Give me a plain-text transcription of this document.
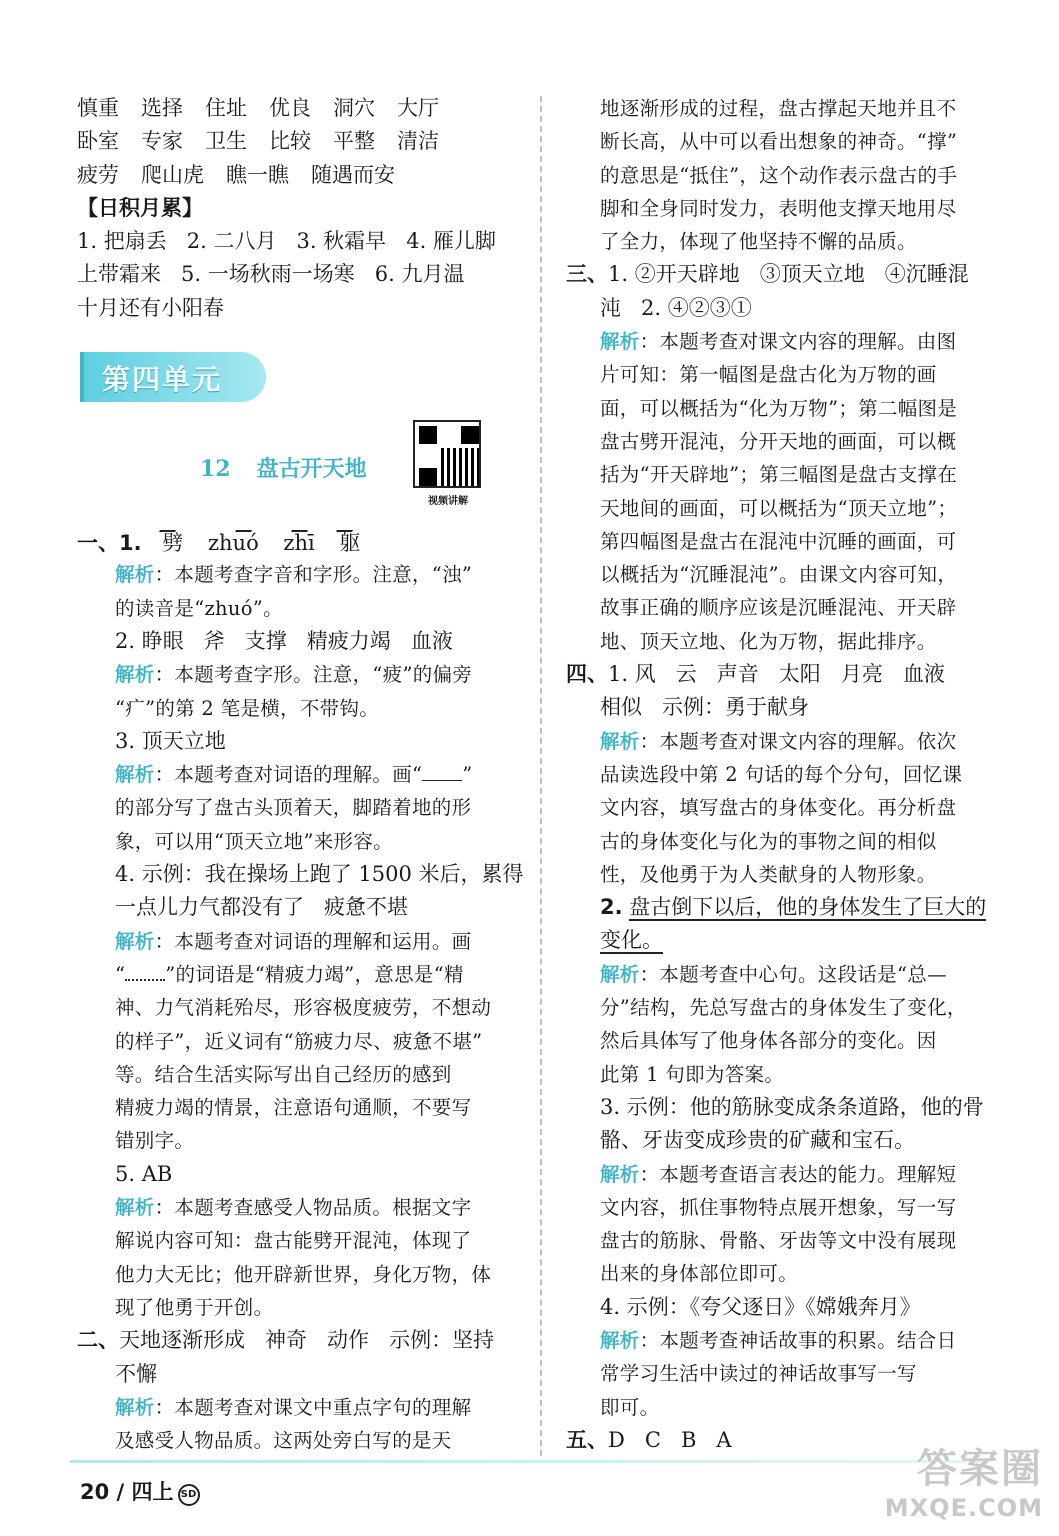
第四单元
12 盘古开天地
视频讲解
慎重 选择 住址 优良 洞穴 大厅
卧室 专家 卫生 比较 平整 清洁
疲劳 爬山虎 瞧一瞧 随遇而安
【日积月累】
1. 把扇丢   2. 二八月   3. 秋霜早   4. 雁儿脚
上带霜来   5. 一场秋雨一场寒   6. 九月温
十月还有小阳春
一、1. 劈 zhuó zhī 躯
解析：本题考查字音和字形。注意，“浊”
的读音是“zhuó”。
2. 睁眼   斧   支撑   精疲力竭   血液
解析：本题考查字形。注意，“疲”的偏旁
“疒”的第 2 笔是横，不带钩。
3. 顶天立地
解析：本题考查对词语的理解。画“ ”
的部分写了盘古头顶着天，脚踏着地的形
象，可以用“顶天立地”来形容。
4. 示例：我在操场上跑了 1500 米后，累得
一点儿力气都没有了   疲惫不堪
解析：本题考查对词语的理解和运用。画
“ ”的词语是“精疲力竭”，意思是“精
神、力气消耗殆尽，形容极度疲劳，不想动
的样子”，近义词有“筋疲力尽、疲惫不堪”
等。结合生活实际写出自己经历的感到
精疲力竭的情景，注意语句通顺，不要写
错别字。
5. AB
解析：本题考查感受人物品质。根据文字
解说内容可知：盘古能劈开混沌，体现了
他力大无比；他开辟新世界，身化万物，体
现了他勇于开创。
二、天地逐渐形成   神奇   动作   示例：坚持
不懈
解析：本题考查对课文中重点字句的理解
及感受人物品质。这两处旁白写的是天
地逐渐形成的过程，盘古撑起天地并且不
断长高，从中可以看出想象的神奇。“撑”
的意思是“抵住”，这个动作表示盘古的手
脚和全身同时发力，表明他支撑天地用尽
了全力，体现了他坚持不懈的品质。
三、1. ②开天辟地   ③顶天立地   ④沉睡混
沌   2. ④②③①
解析：本题考查对课文内容的理解。由图
片可知：第一幅图是盘古化为万物的画
面，可以概括为“化为万物”；第二幅图是
盘古劈开混沌，分开天地的画面，可以概
括为“开天辟地”；第三幅图是盘古支撑在
天地间的画面，可以概括为“顶天立地”；
第四幅图是盘古在混沌中沉睡的画面，可
以概括为“沉睡混沌”。由课文内容可知，
故事正确的顺序应该是沉睡混沌、开天辟
地、顶天立地、化为万物，据此排序。
四、1. 风   云   声音   太阳   月亮   血液
相似   示例：勇于献身
解析：本题考查对课文内容的理解。依次
品读选段中第 2 句话的每个分句，回忆课
文内容，填写盘古的身体变化。再分析盘
古的身体变化与化为的事物之间的相似
性，及他勇于为人类献身的人物形象。
2. 盘古倒下以后，他的身体发生了巨大的
变化。
解析：本题考查中心句。这段话是“总—
分”结构，先总写盘古的身体发生了变化，
然后具体写了他身体各部分的变化。因
此第 1 句即为答案。
3. 示例：他的筋脉变成条条道路，他的骨
骼、牙齿变成珍贵的矿藏和宝石。
解析：本题考查语言表达的能力。理解短
文内容，抓住事物特点展开想象，写一写
盘古的筋脉、骨骼、牙齿等文中没有展现
出来的身体部位即可。
4. 示例：《夸父逐日》《嫦娥奔月》
解析：本题考查神话故事的积累。结合日
常学习生活中读过的神话故事写一写
即可。
五、D   C   B   A
20 / 四上 SD
答案圈
MXQE.COM
